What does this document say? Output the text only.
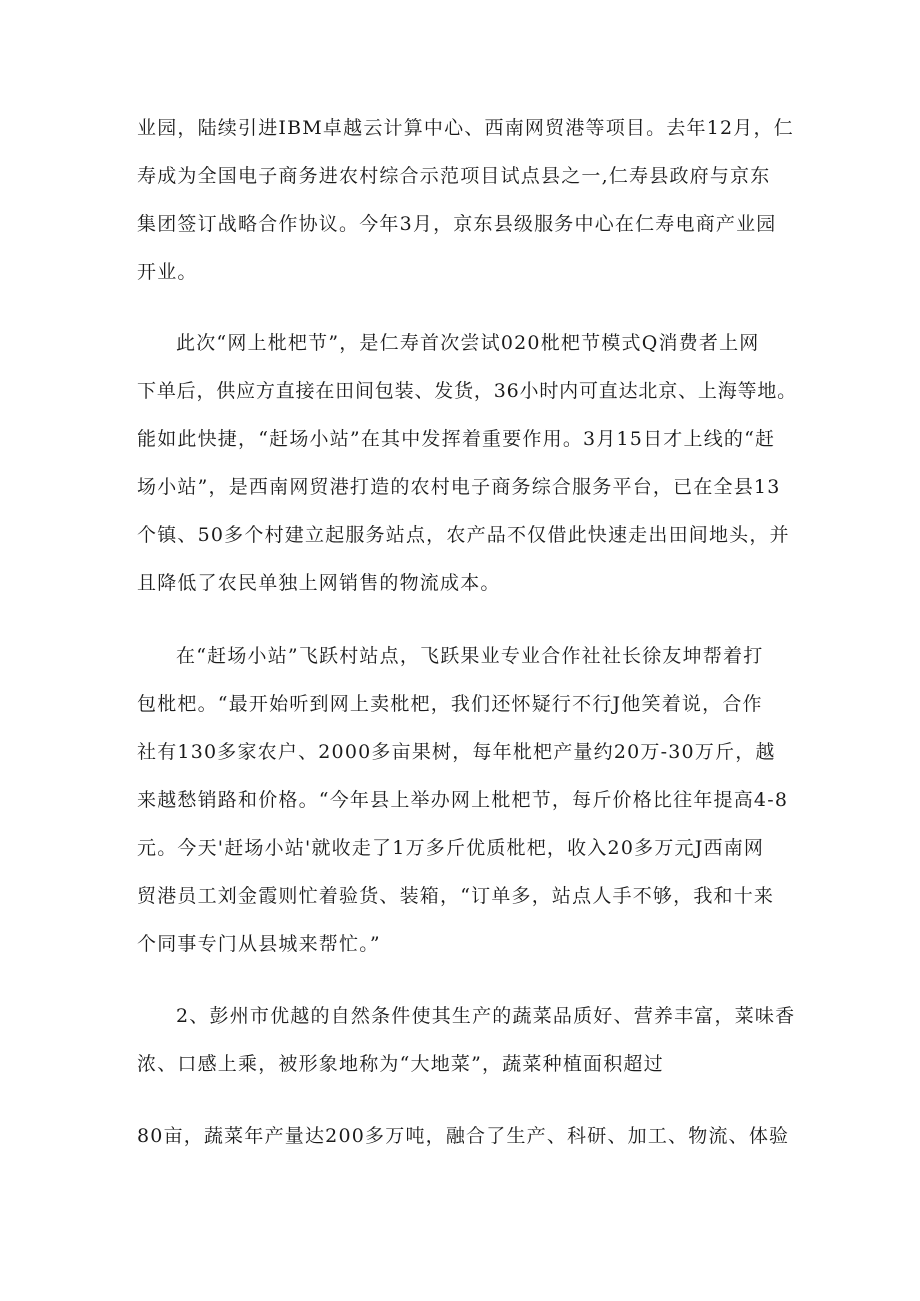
业园，陆续引进IBM卓越云计算中心、西南网贸港等项目。去年12月，仁
寿成为全国电子商务进农村综合示范项目试点县之一,仁寿县政府与京东
集团签订战略合作协议。今年3月，京东县级服务中心在仁寿电商产业园
开业。
此次“网上枇杷节”，是仁寿首次尝试020枇杷节模式Q消费者上网
下单后，供应方直接在田间包装、发货，36小时内可直达北京、上海等地。
能如此快捷，“赶场小站”在其中发挥着重要作用。3月15日才上线的“赶
场小站”，是西南网贸港打造的农村电子商务综合服务平台，已在全县13
个镇、50多个村建立起服务站点，农产品不仅借此快速走出田间地头，并
且降低了农民单独上网销售的物流成本。
在“赶场小站”飞跃村站点，飞跃果业专业合作社社长徐友坤帮着打
包枇杷。“最开始听到网上卖枇杷，我们还怀疑行不行J他笑着说，合作
社有130多家农户、2000多亩果树，每年枇杷产量约20万-30万斤，越
来越愁销路和价格。“今年县上举办网上枇杷节，每斤价格比往年提高4-8
元。今天'赶场小站'就收走了1万多斤优质枇杷，收入20多万元J西南网
贸港员工刘金霞则忙着验货、装箱，“订单多，站点人手不够，我和十来
个同事专门从县城来帮忙。”
2、彭州市优越的自然条件使其生产的蔬菜品质好、营养丰富，菜味香
浓、口感上乘，被形象地称为“大地菜”，蔬菜种植面积超过
80亩，蔬菜年产量达200多万吨，融合了生产、科研、加工、物流、体验
